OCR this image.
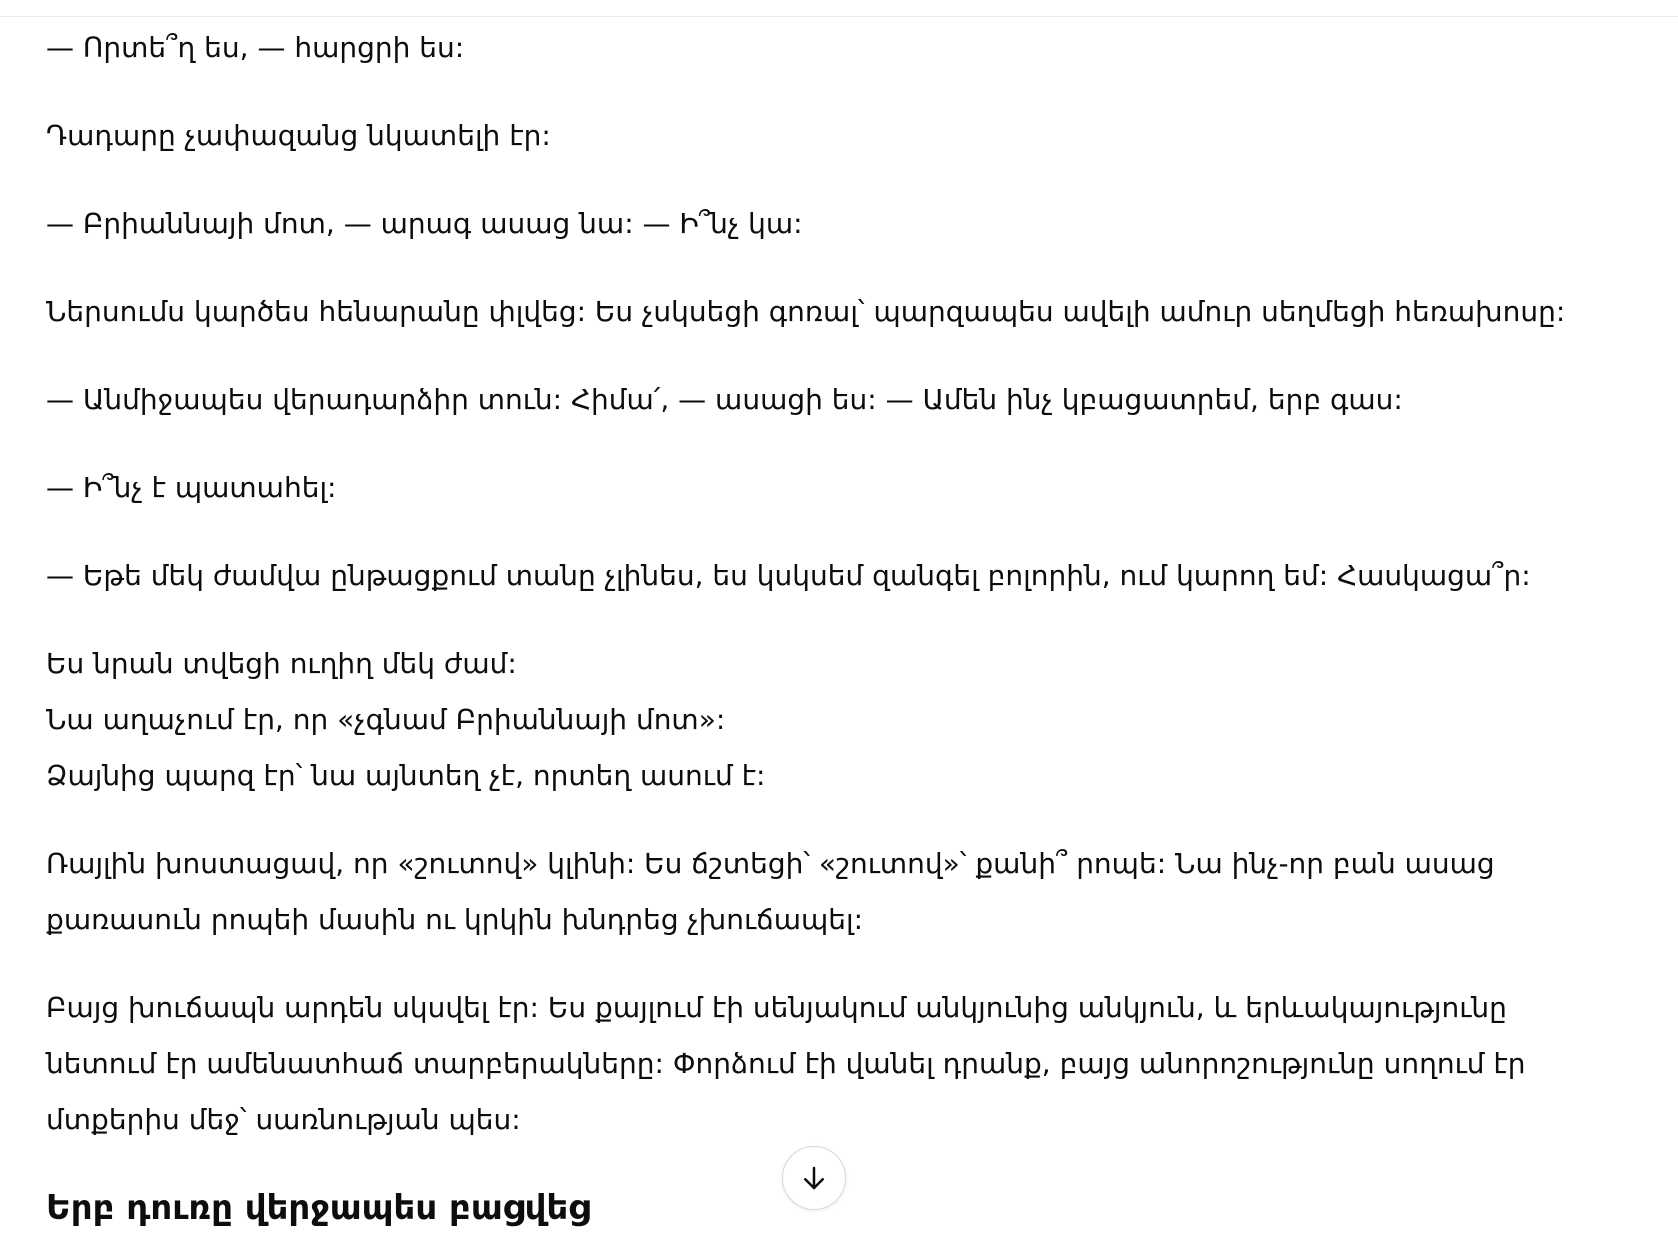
— Որտե՞ղ ես, — հարցրի ես:

Դադարը չափազանց նկատելի էր:

— Բրիաննայի մոտ, — արագ ասաց նա: — Ի՞նչ կա:

Ներսումս կարծես հենարանը փլվեց: Ես չսկսեցի գոռալ՝ պարզապես ավելի ամուր սեղմեցի հեռախոսը:

— Անմիջապես վերադարձիր տուն: Հիմա՛, — ասացի ես: — Ամեն ինչ կբացատրեմ, երբ գաս:

— Ի՞նչ է պատահել:

— Եթե մեկ ժամվա ընթացքում տանը չլինես, ես կսկսեմ զանգել բոլորին, ում կարող եմ: Հասկացա՞ր:

Ես նրան տվեցի ուղիղ մեկ ժամ:

Նա աղաչում էր, որ «չգնամ Բրիաննայի մոտ»:

Ձայնից պարզ էր՝ նա այնտեղ չէ, որտեղ ասում է:

Ռայլին խոստացավ, որ «շուտով» կլինի: Ես ճշտեցի՝ «շուտով»՝ քանի՞ րոպե: Նա ինչ-որ բան ասաց քառասուն րոպեի մասին ու կրկին խնդրեց չխուճապել:

Բայց խուճապն արդեն սկսվել էր: Ես քայլում էի սենյակում անկյունից անկյուն, և երևակայությունը նետում էր ամենատհաճ տարբերակները: Փորձում էի վանել դրանք, բայց անորոշությունը սողում էր մտքերիս մեջ՝ սառնության պես:

Երբ դուռը վերջապես բացվեց
